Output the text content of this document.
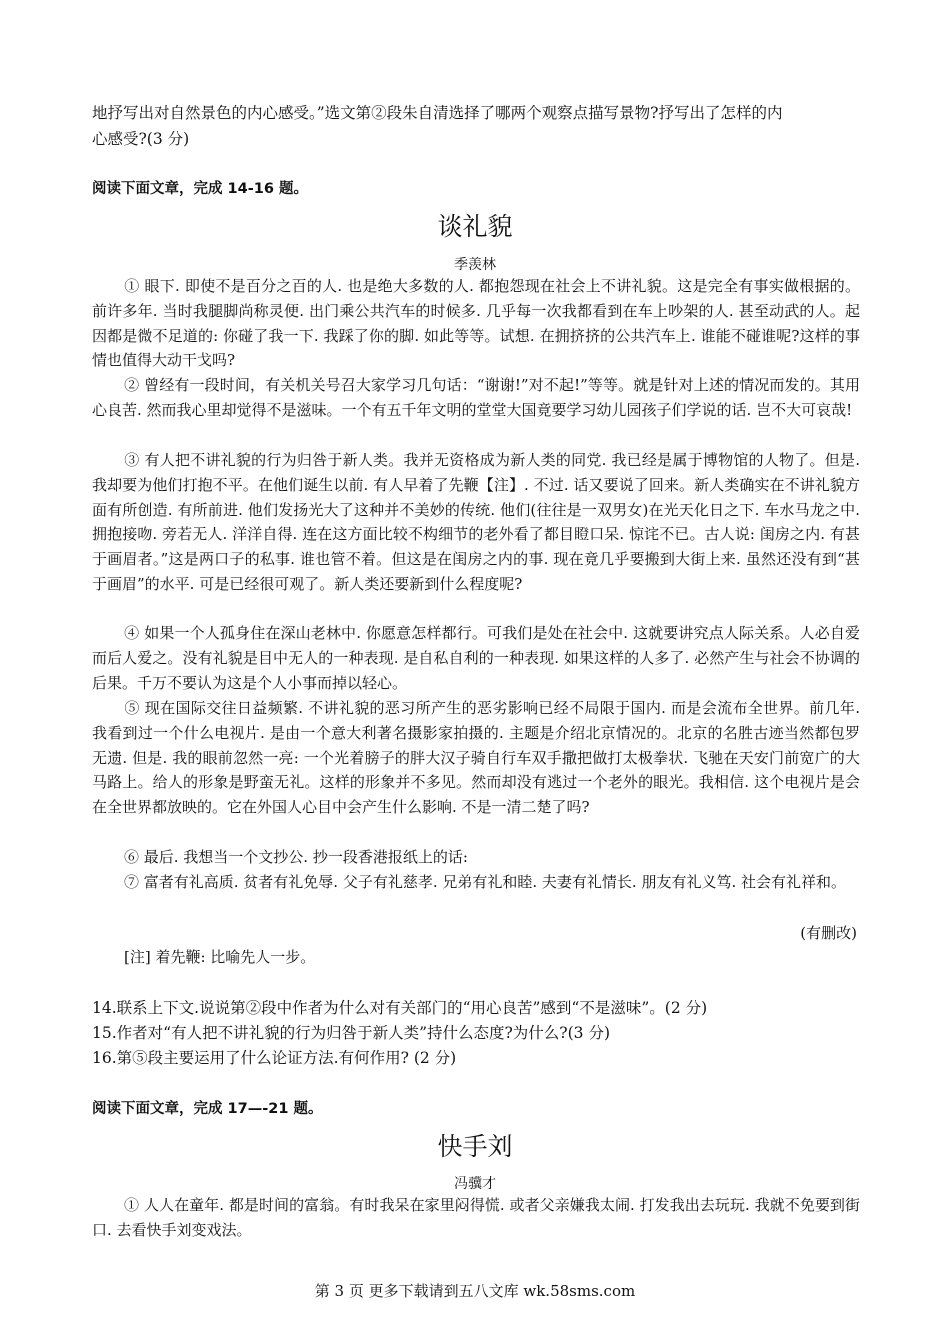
地抒写出对自然景色的内心感受。”选文第②段朱自清选择了哪两个观察点描写景物?抒写出了怎样的内
心感受?(3 分)
阅读下面文章，完成 14-16 题。
谈礼貌
季羡林
① 眼下. 即使不是百分之百的人. 也是绝大多数的人. 都抱怨现在社会上不讲礼貌。这是完全有事实做根据的。前许多年. 当时我腿脚尚称灵便. 出门乘公共汽车的时候多. 几乎每一次我都看到在车上吵架的人. 甚至动武的人。起因都是微不足道的: 你碰了我一下. 我踩了你的脚. 如此等等。试想. 在拥挤挤的公共汽车上. 谁能不碰谁呢?这样的事情也值得大动干戈吗?
② 曾经有一段时间，有关机关号召大家学习几句话：“谢谢!”对不起!”等等。就是针对上述的情况而发的。其用心良苦. 然而我心里却觉得不是滋味。一个有五千年文明的堂堂大国竟要学习幼儿园孩子们学说的话. 岂不大可哀哉!
③ 有人把不讲礼貌的行为归咎于新人类。我并无资格成为新人类的同党. 我已经是属于博物馆的人物了。但是. 我却要为他们打抱不平。在他们诞生以前. 有人早着了先鞭【注】. 不过. 话又要说了回来。新人类确实在不讲礼貌方面有所创造. 有所前进. 他们发扬光大了这种并不美妙的传统. 他们(往往是一双男女)在光天化日之下. 车水马龙之中. 拥抱接吻. 旁若无人. 洋洋自得. 连在这方面比较不构细节的老外看了都目瞪口呆. 惊诧不已。古人说: 闺房之内. 有甚于画眉者。”这是两口子的私事. 谁也管不着。但这是在闺房之内的事. 现在竟几乎要搬到大街上来. 虽然还没有到“甚于画眉”的水平. 可是已经很可观了。新人类还要新到什么程度呢?
④ 如果一个人孤身住在深山老林中. 你愿意怎样都行。可我们是处在社会中. 这就要讲究点人际关系。人必自爱而后人爱之。没有礼貌是目中无人的一种表现. 是自私自利的一种表现. 如果这样的人多了. 必然产生与社会不协调的后果。千万不要认为这是个人小事而掉以轻心。
⑤ 现在国际交往日益频繁. 不讲礼貌的恶习所产生的恶劣影响已经不局限于国内. 而是会流布全世界。前几年. 我看到过一个什么电视片. 是由一个意大利著名摄影家拍摄的. 主题是介绍北京情况的。北京的名胜古迹当然都包罗无遗. 但是. 我的眼前忽然一亮: 一个光着膀子的胖大汉子骑自行车双手撒把做打太极拳状. 飞驰在天安门前宽广的大马路上。给人的形象是野蛮无礼。这样的形象并不多见。然而却没有逃过一个老外的眼光。我相信. 这个电视片是会在全世界都放映的。它在外国人心目中会产生什么影响. 不是一清二楚了吗?
⑥ 最后. 我想当一个文抄公. 抄一段香港报纸上的话:
⑦ 富者有礼高质. 贫者有礼免辱. 父子有礼慈孝. 兄弟有礼和睦. 夫妻有礼情长. 朋友有礼义笃. 社会有礼祥和。
(有删改)
[注] 着先鞭: 比喻先人一步。
14.联系上下文.说说第②段中作者为什么对有关部门的“用心良苦”感到“不是滋味”。(2 分)
15.作者对“有人把不讲礼貌的行为归咎于新人类”持什么态度?为什么?(3 分)
16.第⑤段主要运用了什么论证方法.有何作用? (2 分)
阅读下面文章，完成 17—-21 题。
快手刘
冯骥才
① 人人在童年. 都是时间的富翁。有时我呆在家里闷得慌. 或者父亲嫌我太闹. 打发我出去玩玩. 我就不免要到街口. 去看快手刘变戏法。
第 3 页 更多下载请到五八文库 wk.58sms.com
